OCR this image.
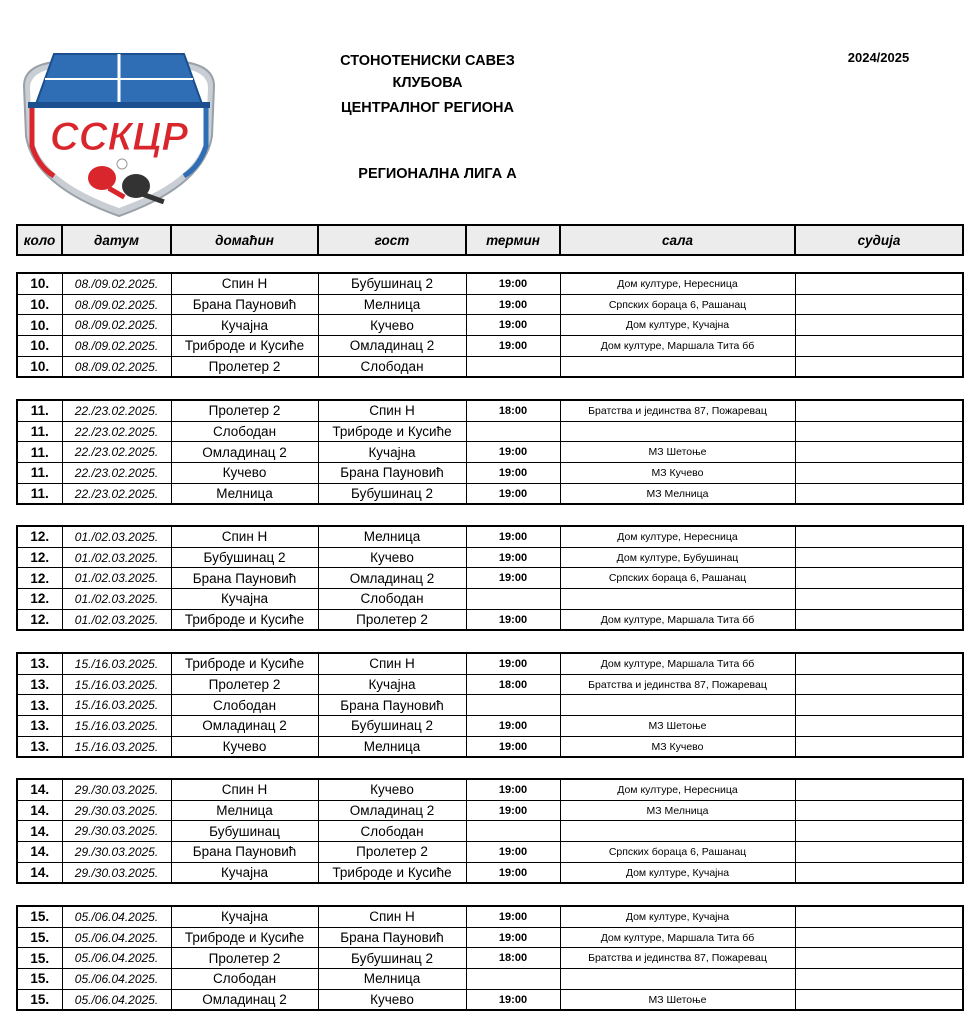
ССКЦР
СТОНОТЕНИСКИ САВЕЗ
КЛУБОВА
ЦЕНТРАЛНОГ РЕГИОНА
РЕГИОНАЛНА ЛИГА А
2024/2025
коло	датум	домаћин	гост	термин	сала	судија
10.	08./09.02.2025.	Спин Н	Бубушинац 2	19:00	Дом културе, Нересница	
10.	08./09.02.2025.	Брана Пауновић	Мелница	19:00	Српских бораца 6, Рашанац	
10.	08./09.02.2025.	Кучајна	Кучево	19:00	Дом културе, Кучајна	
10.	08./09.02.2025.	Триброде и Кусиће	Омладинац 2	19:00	Дом културе, Маршала Тита бб	
10.	08./09.02.2025.	Пролетер 2	Слободан			
11.	22./23.02.2025.	Пролетер 2	Спин Н	18:00	Братства и јединства 87, Пожаревац	
11.	22./23.02.2025.	Слободан	Триброде и Кусиће			
11.	22./23.02.2025.	Омладинац 2	Кучајна	19:00	МЗ Шетоње	
11.	22./23.02.2025.	Кучево	Брана Пауновић	19:00	МЗ Кучево	
11.	22./23.02.2025.	Мелница	Бубушинац 2	19:00	МЗ Мелница	
12.	01./02.03.2025.	Спин Н	Мелница	19:00	Дом културе, Нересница	
12.	01./02.03.2025.	Бубушинац 2	Кучево	19:00	Дом културе, Бубушинац	
12.	01./02.03.2025.	Брана Пауновић	Омладинац 2	19:00	Српских бораца 6, Рашанац	
12.	01./02.03.2025.	Кучајна	Слободан			
12.	01./02.03.2025.	Триброде и Кусиће	Пролетер 2	19:00	Дом културе, Маршала Тита бб	
13.	15./16.03.2025.	Триброде и Кусиће	Спин Н	19:00	Дом културе, Маршала Тита бб	
13.	15./16.03.2025.	Пролетер 2	Кучајна	18:00	Братства и јединства 87, Пожаревац	
13.	15./16.03.2025.	Слободан	Брана Пауновић			
13.	15./16.03.2025.	Омладинац 2	Бубушинац 2	19:00	МЗ Шетоње	
13.	15./16.03.2025.	Кучево	Мелница	19:00	МЗ Кучево	
14.	29./30.03.2025.	Спин Н	Кучево	19:00	Дом културе, Нересница	
14.	29./30.03.2025.	Мелница	Омладинац 2	19:00	МЗ Мелница	
14.	29./30.03.2025.	Бубушинац	Слободан			
14.	29./30.03.2025.	Брана Пауновић	Пролетер 2	19:00	Српских бораца 6, Рашанац	
14.	29./30.03.2025.	Кучајна	Триброде и Кусиће	19:00	Дом културе, Кучајна	
15.	05./06.04.2025.	Кучајна	Спин Н	19:00	Дом културе, Кучајна	
15.	05./06.04.2025.	Триброде и Кусиће	Брана Пауновић	19:00	Дом културе, Маршала Тита бб	
15.	05./06.04.2025.	Пролетер 2	Бубушинац 2	18:00	Братства и јединства 87, Пожаревац	
15.	05./06.04.2025.	Слободан	Мелница			
15.	05./06.04.2025.	Омладинац 2	Кучево	19:00	МЗ Шетоње	
